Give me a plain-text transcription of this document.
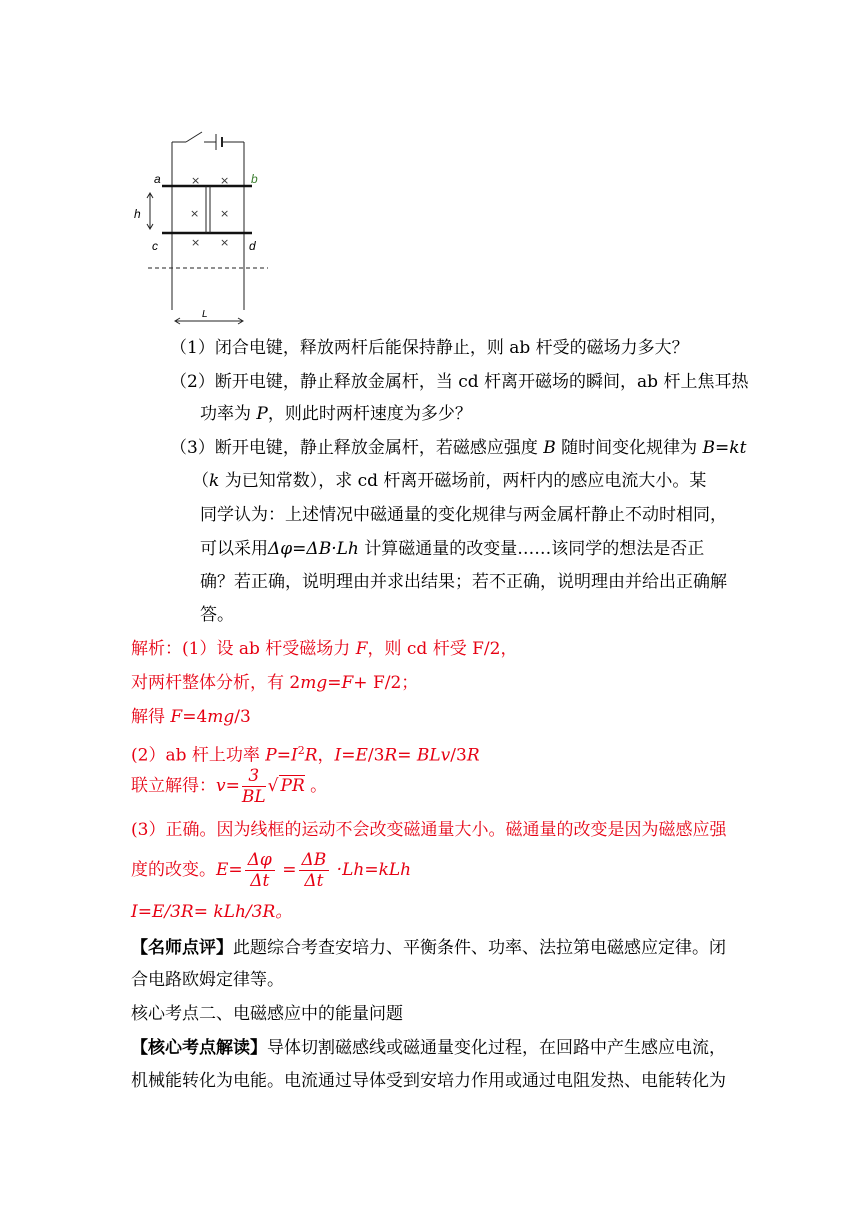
a	b
h
c	d
L
× ×
× ×
× ×
（1）闭合电键，释放两杆后能保持静止，则 ab 杆受的磁场力多大？
（2）断开电键，静止释放金属杆，当 cd 杆离开磁场的瞬间，ab 杆上焦耳热
功率为 P，则此时两杆速度为多少？
（3）断开电键，静止释放金属杆，若磁感应强度 B 随时间变化规律为 B=kt
（k 为已知常数），求 cd 杆离开磁场前，两杆内的感应电流大小。某
同学认为：上述情况中磁通量的变化规律与两金属杆静止不动时相同，
可以采用Δφ=ΔB·Lh 计算磁通量的改变量……该同学的想法是否正
确？若正确，说明理由并求出结果；若不正确，说明理由并给出正确解
答。
解析：(1）设 ab 杆受磁场力 F，则 cd 杆受 F/2，
对两杆整体分析，有 2mg=F+ F/2；
解得 F=4mg/3
(2）ab 杆上功率 $P=I^2R$，I=E/3R= BLv/3R
联立解得：$v= \frac{3}{BL}$ √ PR 。
(3）正确。因为线框的运动不会改变磁通量大小。磁通量的改变是因为磁感应强
度的改变。$E= \frac{\Delta\varphi}{\Delta t} = \frac{\Delta B}{\Delta t} \cdot Lh=kLh$
I=E/3R= kLh/3R。
【名师点评】此题综合考查安培力、平衡条件、功率、法拉第电磁感应定律。闭
合电路欧姆定律等。
核心考点二、电磁感应中的能量问题
【核心考点解读】导体切割磁感线或磁通量变化过程，在回路中产生感应电流，
机械能转化为电能。电流通过导体受到安培力作用或通过电阻发热、电能转化为
